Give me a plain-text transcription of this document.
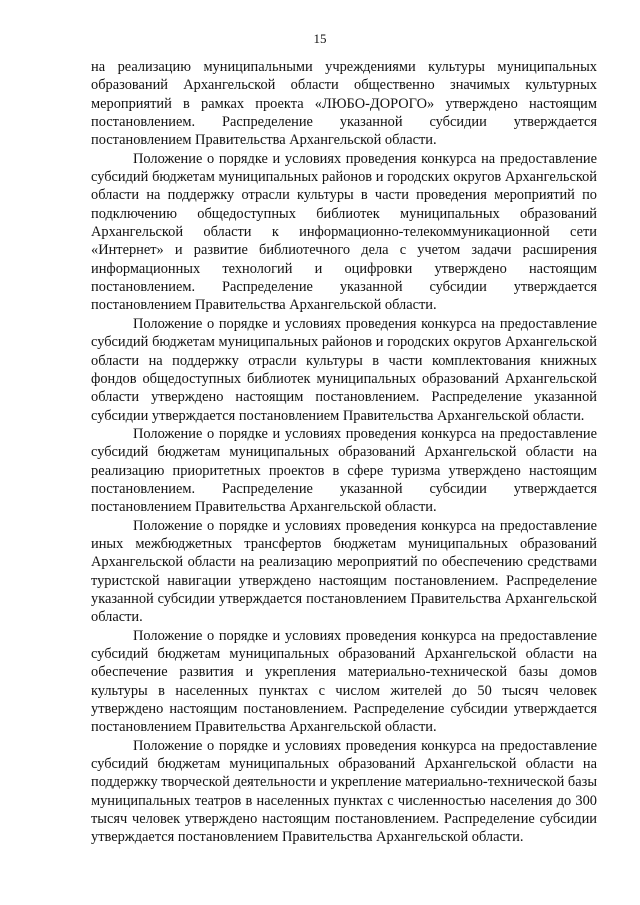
15

на реализацию муниципальными учреждениями культуры муниципальных образований Архангельской области общественно значимых культурных мероприятий в рамках проекта «ЛЮБО-ДОРОГО» утверждено настоящим постановлением. Распределение указанной субсидии утверждается постановлением Правительства Архангельской области.

Положение о порядке и условиях проведения конкурса на предоставление субсидий бюджетам муниципальных районов и городских округов Архангельской области на поддержку отрасли культуры в части проведения мероприятий по подключению общедоступных библиотек муниципальных образований Архангельской области к информационно-телекоммуникационной сети «Интернет» и развитие библиотечного дела с учетом задачи расширения информационных технологий и оцифровки утверждено настоящим постановлением. Распределение указанной субсидии утверждается постановлением Правительства Архангельской области.

Положение о порядке и условиях проведения конкурса на предоставление субсидий бюджетам муниципальных районов и городских округов Архангельской области на поддержку отрасли культуры в части комплектования книжных фондов общедоступных библиотек муниципальных образований Архангельской области утверждено настоящим постановлением. Распределение указанной субсидии утверждается постановлением Правительства Архангельской области.

Положение о порядке и условиях проведения конкурса на предоставление субсидий бюджетам муниципальных образований Архангельской области на реализацию приоритетных проектов в сфере туризма утверждено настоящим постановлением. Распределение указанной субсидии утверждается постановлением Правительства Архангельской области.

Положение о порядке и условиях проведения конкурса на предоставление иных межбюджетных трансфертов бюджетам муниципальных образований Архангельской области на реализацию мероприятий по обеспечению средствами туристской навигации утверждено настоящим постановлением. Распределение указанной субсидии утверждается постановлением Правительства Архангельской области.

Положение о порядке и условиях проведения конкурса на предоставление субсидий бюджетам муниципальных образований Архангельской области на обеспечение развития и укрепления материально-технической базы домов культуры в населенных пунктах с числом жителей до 50 тысяч человек утверждено настоящим постановлением. Распределение субсидии утверждается постановлением Правительства Архангельской области.

Положение о порядке и условиях проведения конкурса на предоставление субсидий бюджетам муниципальных образований Архангельской области на поддержку творческой деятельности и укрепление материально-технической базы муниципальных театров в населенных пунктах с численностью населения до 300 тысяч человек утверждено настоящим постановлением. Распределение субсидии утверждается постановлением Правительства Архангельской области.
